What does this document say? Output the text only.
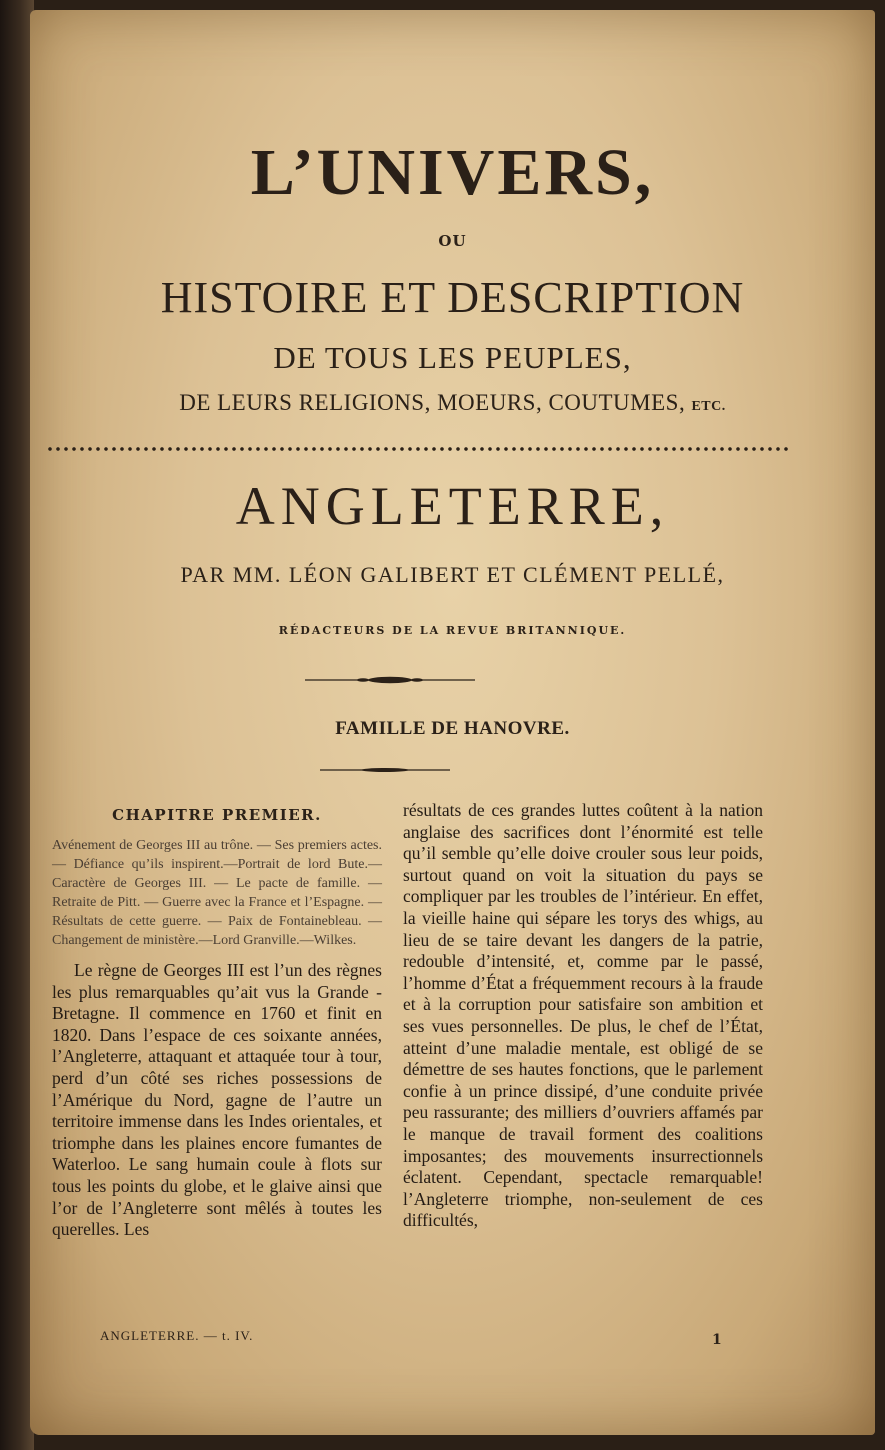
L’UNIVERS,
OU
HISTOIRE ET DESCRIPTION
DE TOUS LES PEUPLES,
DE LEURS RELIGIONS, MOEURS, COUTUMES, ETC.
ANGLETERRE,
PAR MM. LÉON GALIBERT ET CLÉMENT PELLÉ,
RÉDACTEURS DE LA REVUE BRITANNIQUE.
FAMILLE DE HANOVRE.
CHAPITRE PREMIER.

Avénement de Georges III au trône. — Ses premiers actes. — Défiance qu’ils inspirent.—Portrait de lord Bute.—Caractère de Georges III. — Le pacte de famille. — Retraite de Pitt. — Guerre avec la France et l’Espagne. —Résultats de cette guerre. — Paix de Fontainebleau. — Changement de ministère.—Lord Granville.—Wilkes.

Le règne de Georges III est l’un des règnes les plus remarquables qu’ait vus la Grande - Bretagne. Il commence en 1760 et finit en 1820. Dans l’espace de ces soixante années, l’Angleterre, attaquant et attaquée tour à tour, perd d’un côté ses riches possessions de l’Amérique du Nord, gagne de l’autre un territoire immense dans les Indes orientales, et triomphe dans les plaines encore fumantes de Waterloo. Le sang humain coule à flots sur tous les points du globe, et le glaive ainsi que l’or de l’Angleterre sont mêlés à toutes les querelles. Les

résultats de ces grandes luttes coûtent à la nation anglaise des sacrifices dont l’énormité est telle qu’il semble qu’elle doive crouler sous leur poids, surtout quand on voit la situation du pays se compliquer par les troubles de l’intérieur. En effet, la vieille haine qui sépare les torys des whigs, au lieu de se taire devant les dangers de la patrie, redouble d’intensité, et, comme par le passé, l’homme d’État a fréquemment recours à la fraude et à la corruption pour satisfaire son ambition et ses vues personnelles. De plus, le chef de l’État, atteint d’une maladie mentale, est obligé de se démettre de ses hautes fonctions, que le parlement confie à un prince dissipé, d’une conduite privée peu rassurante; des milliers d’ouvriers affamés par le manque de travail forment des coalitions imposantes; des mouvements insurrectionnels éclatent. Cependant, spectacle remarquable! l’Angleterre triomphe, non-seulement de ces difficultés,

ANGLETERRE. — t. IV.	1
